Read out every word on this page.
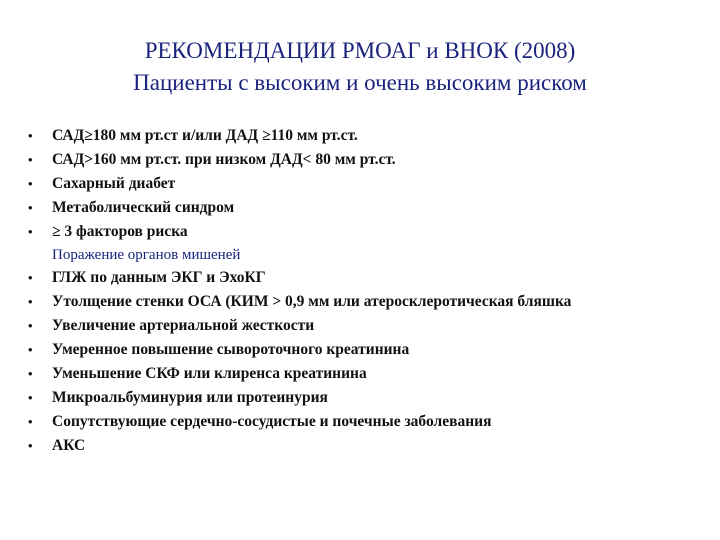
РЕКОМЕНДАЦИИ РМОАГ и ВНОК (2008)
Пациенты с высоким и очень высоким риском
•	САД≥180 мм рт.ст и/или ДАД ≥110 мм рт.ст.
•	САД>160 мм рт.ст. при низком ДАД< 80 мм рт.ст.
•	Сахарный диабет
•	Метаболический синдром
•	≥ 3 факторов риска
Поражение органов мишеней
•	ГЛЖ по данным ЭКГ и ЭхоКГ
•	Утолщение стенки ОСА (КИМ > 0,9 мм или атеросклеротическая бляшка
•	Увеличение артериальной жесткости
•	Умеренное повышение сывороточного креатинина
•	Уменьшение СКФ или клиренса креатинина
•	Микроальбуминурия или протеинурия
•	Сопутствующие сердечно-сосудистые и почечные заболевания
•	АКС
